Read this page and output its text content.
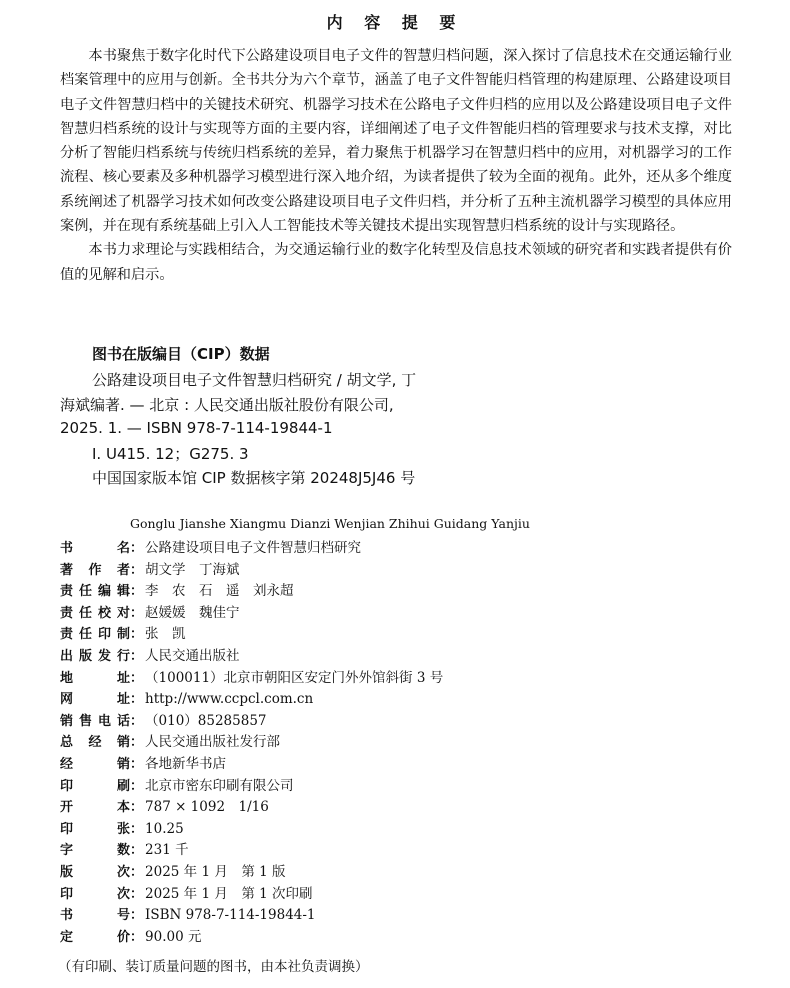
内 容 提 要

本书聚焦于数字化时代下公路建设项目电子文件的智慧归档问题，深入探讨了信息技术在交通运输行业档案管理中的应用与创新。全书共分为六个章节，涵盖了电子文件智能归档管理的构建原理、公路建设项目电子文件智慧归档中的关键技术研究、机器学习技术在公路电子文件归档的应用以及公路建设项目电子文件智慧归档系统的设计与实现等方面的主要内容，详细阐述了电子文件智能归档的管理要求与技术支撑，对比分析了智能归档系统与传统归档系统的差异，着力聚焦于机器学习在智慧归档中的应用，对机器学习的工作流程、核心要素及多种机器学习模型进行深入地介绍，为读者提供了较为全面的视角。此外，还从多个维度系统阐述了机器学习技术如何改变公路建设项目电子文件归档，并分析了五种主流机器学习模型的具体应用案例，并在现有系统基础上引入人工智能技术等关键技术提出实现智慧归档系统的设计与实现路径。

本书力求理论与实践相结合，为交通运输行业的数字化转型及信息技术领域的研究者和实践者提供有价值的见解和启示。

图书在版编目（CIP）数据
公路建设项目电子文件智慧归档研究 / 胡文学, 丁
海斌编著. — 北京 : 人民交通出版社股份有限公司,
2025. 1. — ISBN 978-7-114-19844-1
Ⅰ. U415. 12；G275. 3
中国国家版本馆 CIP 数据核字第 20248J5J46 号
Gonglu Jianshe Xiangmu Dianzi Wenjian Zhihui Guidang Yanjiu
书　　名 ： 公路建设项目电子文件智慧归档研究
著 作 者 ： 胡文学　丁海斌
责任编辑 ： 李　农　石　遥　刘永超
责任校对 ： 赵媛媛　魏佳宁
责任印制 ： 张　凯
出版发行 ： 人民交通出版社
地　　址 ： （100011）北京市朝阳区安定门外外馆斜街 3 号
网　　址 ： http://www.ccpcl.com.cn
销售电话 ： （010）85285857
总 经 销 ： 人民交通出版社发行部
经　　销 ： 各地新华书店
印　　刷 ： 北京市密东印刷有限公司
开　　本 ： 787 × 1092　1/16
印　　张 ： 10.25
字　　数 ： 231 千
版　　次 ： 2025 年 1 月　第 1 版
印　　次 ： 2025 年 1 月　第 1 次印刷
书　　号 ： ISBN 978-7-114-19844-1
定　　价 ： 90.00 元
（有印刷、装订质量问题的图书，由本社负责调换）
